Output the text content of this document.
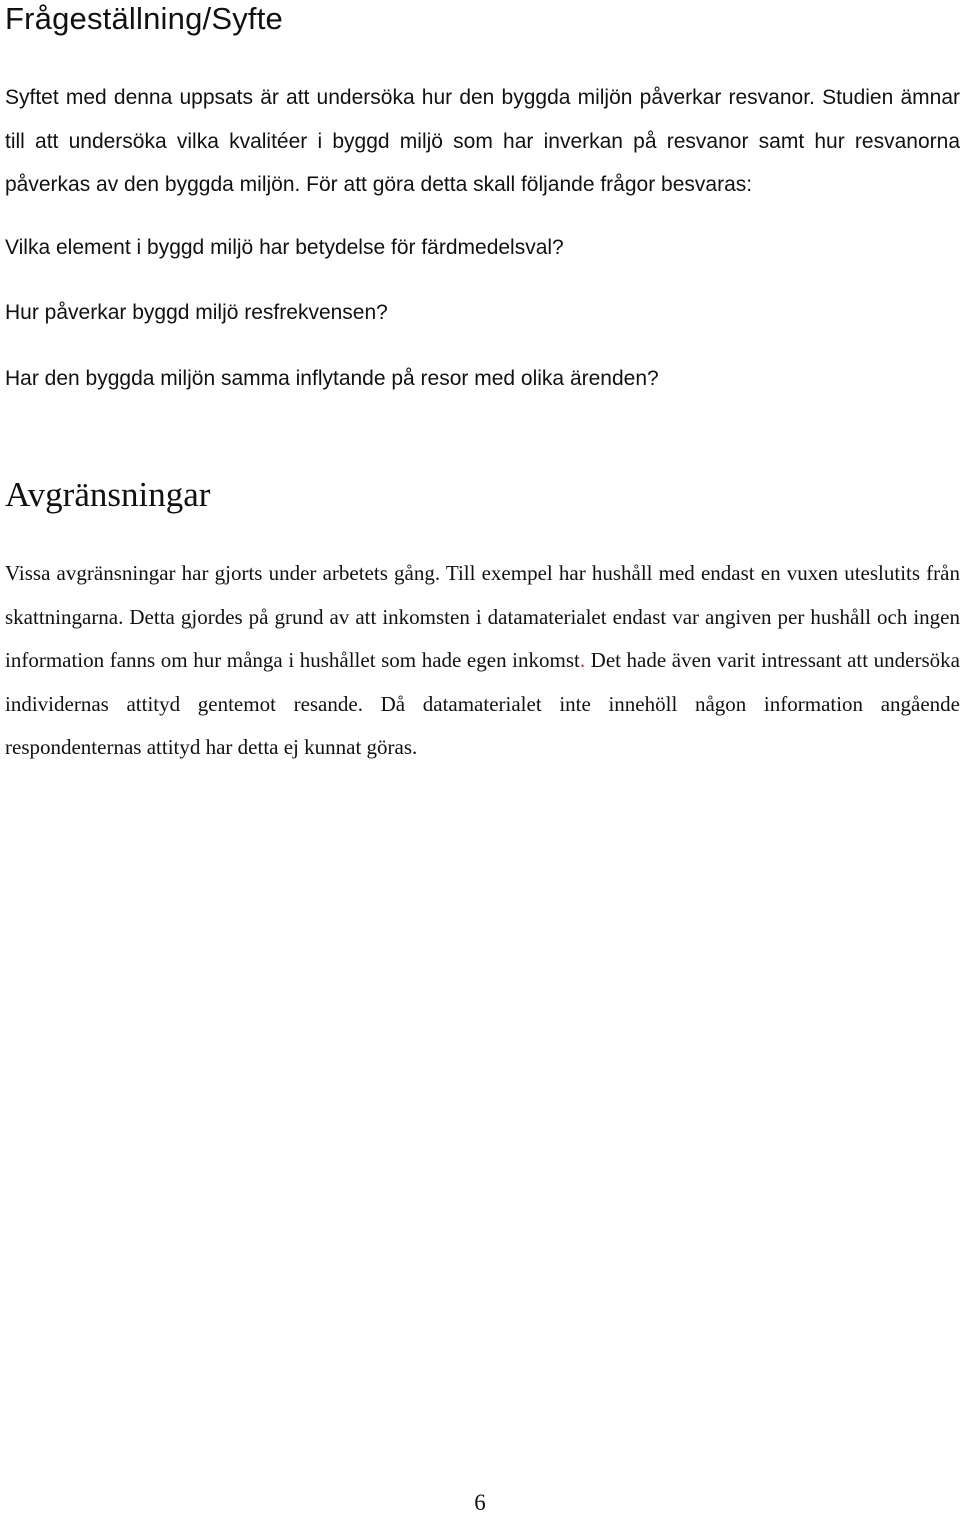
Frågeställning/Syfte

Syftet med denna uppsats är att undersöka hur den byggda miljön påverkar resvanor. Studien ämnar till att undersöka vilka kvalitéer i byggd miljö som har inverkan på resvanor samt hur resvanorna påverkas av den byggda miljön. För att göra detta skall följande frågor besvaras:

Vilka element i byggd miljö har betydelse för färdmedelsval?

Hur påverkar byggd miljö resfrekvensen?

Har den byggda miljön samma inflytande på resor med olika ärenden?

Avgränsningar

Vissa avgränsningar har gjorts under arbetets gång. Till exempel har hushåll med endast en vuxen uteslutits från skattningarna. Detta gjordes på grund av att inkomsten i datamaterialet endast var angiven per hushåll och ingen information fanns om hur många i hushållet som hade egen inkomst. Det hade även varit intressant att undersöka individernas attityd gentemot resande. Då datamaterialet inte innehöll någon information angående respondenternas attityd har detta ej kunnat göras.

6
